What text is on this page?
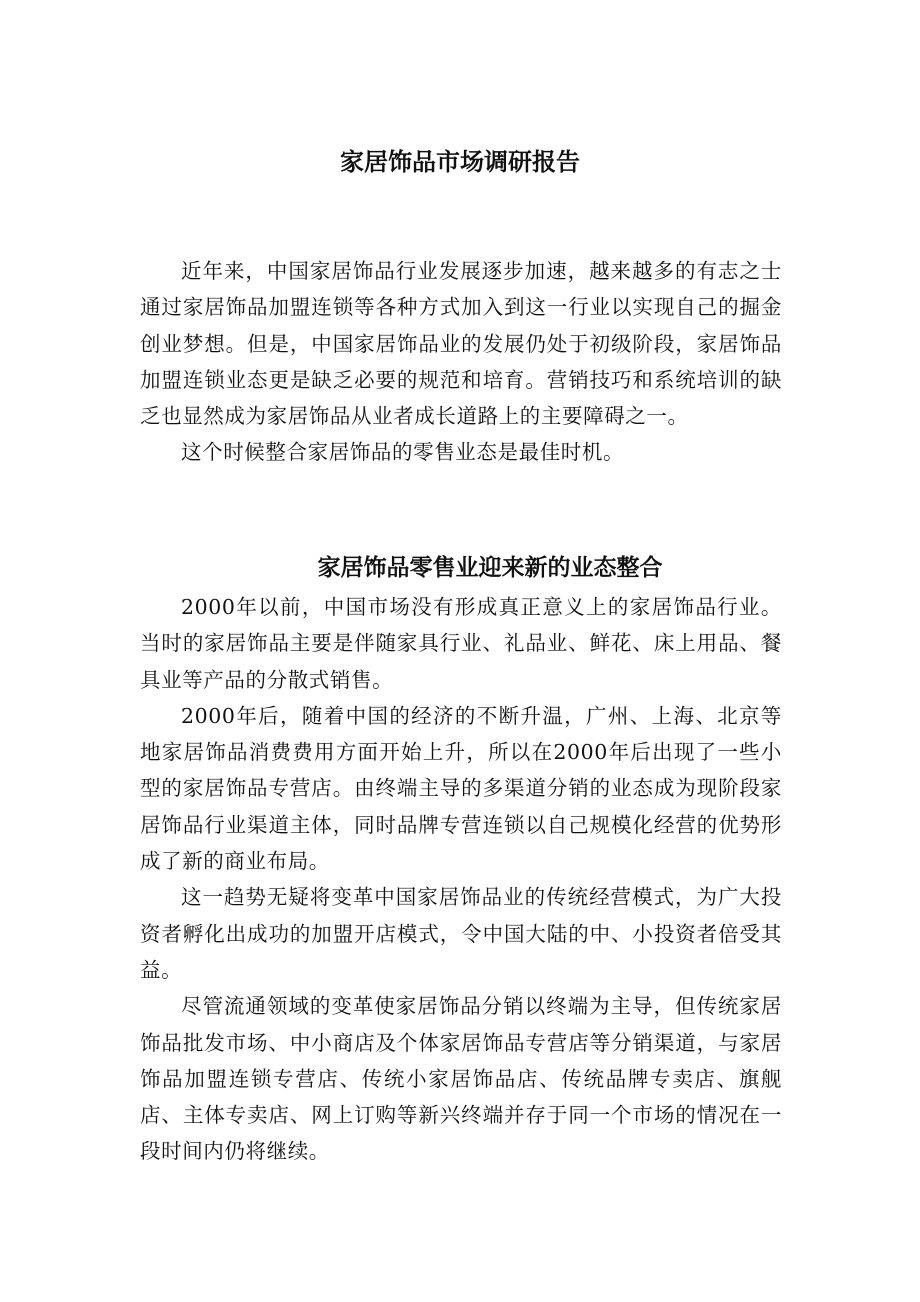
家居饰品市场调研报告

近年来，中国家居饰品行业发展逐步加速，越来越多的有志之士通过家居饰品加盟连锁等各种方式加入到这一行业以实现自己的掘金创业梦想。但是，中国家居饰品业的发展仍处于初级阶段，家居饰品加盟连锁业态更是缺乏必要的规范和培育。营销技巧和系统培训的缺乏也显然成为家居饰品从业者成长道路上的主要障碍之一。

这个时候整合家居饰品的零售业态是最佳时机。

家居饰品零售业迎来新的业态整合

2000年以前，中国市场没有形成真正意义上的家居饰品行业。当时的家居饰品主要是伴随家具行业、礼品业、鲜花、床上用品、餐具业等产品的分散式销售。

2000年后，随着中国的经济的不断升温，广州、上海、北京等地家居饰品消费费用方面开始上升，所以在2000年后出现了一些小型的家居饰品专营店。由终端主导的多渠道分销的业态成为现阶段家居饰品行业渠道主体，同时品牌专营连锁以自己规模化经营的优势形成了新的商业布局。

这一趋势无疑将变革中国家居饰品业的传统经营模式，为广大投资者孵化出成功的加盟开店模式，令中国大陆的中、小投资者倍受其益。

尽管流通领域的变革使家居饰品分销以终端为主导，但传统家居饰品批发市场、中小商店及个体家居饰品专营店等分销渠道，与家居饰品加盟连锁专营店、传统小家居饰品店、传统品牌专卖店、旗舰店、主体专卖店、网上订购等新兴终端并存于同一个市场的情况在一段时间内仍将继续。
